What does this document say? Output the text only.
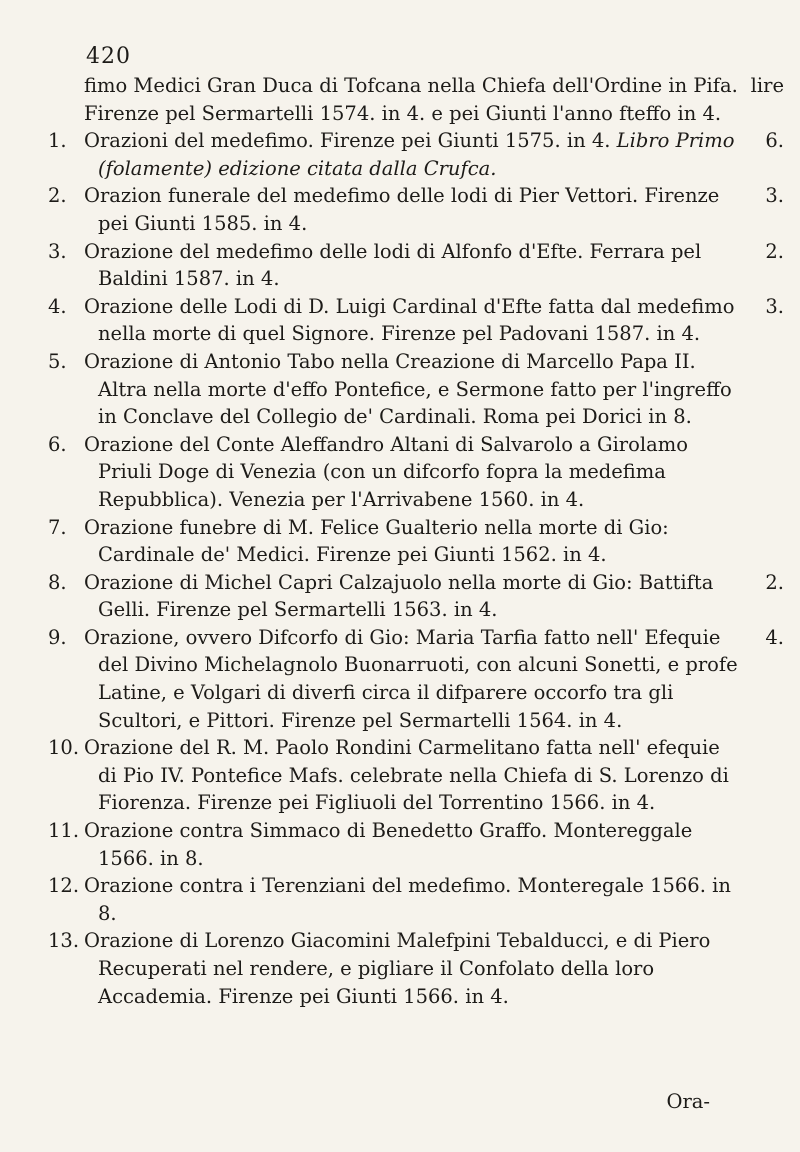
420
lire
6.
3.
2.
3.
2.
4.

fimo Medici Gran Duca di Tofcana nella Chiefa dell'Ordine in Pifa. Firenze pel Sermartelli 1574. in 4. e pei Giunti l'anno fteffo in 4.

1. Orazioni del medefimo. Firenze pei Giunti 1575. in 4. Libro Primo (folamente) edizione citata dalla Crufca.

2. Orazion funerale del medefimo delle lodi di Pier Vettori. Firenze pei Giunti 1585. in 4.

3. Orazione del medefimo delle lodi di Alfonfo d'Efte. Ferrara pel Baldini 1587. in 4.

4. Orazione delle Lodi di D. Luigi Cardinal d'Efte fatta dal medefimo nella morte di quel Signore. Firenze pel Padovani 1587. in 4.

5. Orazione di Antonio Tabo nella Creazione di Marcello Papa II. Altra nella morte d'effo Pontefice, e Sermone fatto per l'ingreffo in Conclave del Collegio de' Cardinali. Roma pei Dorici in 8.

6. Orazione del Conte Aleffandro Altani di Salvarolo a Girolamo Priuli Doge di Venezia (con un difcorfo fopra la medefima Repubblica). Venezia per l'Arrivabene 1560. in 4.

7. Orazione funebre di M. Felice Gualterio nella morte di Gio: Cardinale de' Medici. Firenze pei Giunti 1562. in 4.

8. Orazione di Michel Capri Calzajuolo nella morte di Gio: Battifta Gelli. Firenze pel Sermartelli 1563. in 4.

9. Orazione, ovvero Difcorfo di Gio: Maria Tarfia fatto nell' Efequie del Divino Michelagnolo Buonarruoti, con alcuni Sonetti, e profe Latine, e Volgari di diverfi circa il difparere occorfo tra gli Scultori, e Pittori. Firenze pel Sermartelli 1564. in 4.

10. Orazione del R. M. Paolo Rondini Carmelitano fatta nell' efequie di Pio IV. Pontefice Mafs. celebrate nella Chiefa di S. Lorenzo di Fiorenza. Firenze pei Figliuoli del Torrentino 1566. in 4.

11. Orazione contra Simmaco di Benedetto Graffo. Montereggale 1566. in 8.

12. Orazione contra i Terenziani del medefimo. Monteregale 1566. in 8.

13. Orazione di Lorenzo Giacomini Malefpini Tebalducci, e di Piero Recuperati nel rendere, e pigliare il Confolato della loro Accademia. Firenze pei Giunti 1566. in 4.

Ora-
